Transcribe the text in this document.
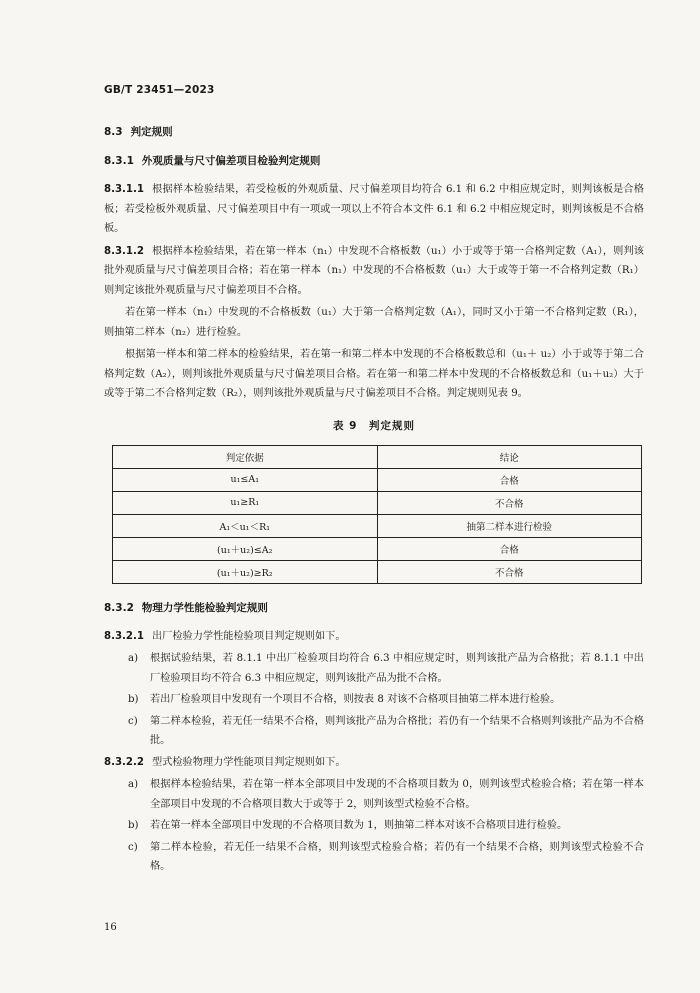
GB/T 23451—2023
8.3 判定规则
8.3.1 外观质量与尺寸偏差项目检验判定规则

8.3.1.1 根据样本检验结果，若受检板的外观质量、尺寸偏差项目均符合 6.1 和 6.2 中相应规定时，则判该板是合格板；若受检板外观质量、尺寸偏差项目中有一项或一项以上不符合本文件 6.1 和 6.2 中相应规定时，则判该板是不合格板。

8.3.1.2 根据样本检验结果，若在第一样本（n₁）中发现不合格板数（u₁）小于或等于第一合格判定数（A₁），则判该批外观质量与尺寸偏差项目合格；若在第一样本（n₁）中发现的不合格板数（u₁）大于或等于第一不合格判定数（R₁）则判定该批外观质量与尺寸偏差项目不合格。

若在第一样本（n₁）中发现的不合格板数（u₁）大于第一合格判定数（A₁），同时又小于第一不合格判定数（R₁），则抽第二样本（n₂）进行检验。

根据第一样本和第二样本的检验结果，若在第一和第二样本中发现的不合格板数总和（u₁＋ u₂）小于或等于第二合格判定数（A₂），则判该批外观质量与尺寸偏差项目合格。若在第一和第二样本中发现的不合格板数总和（u₁＋u₂）大于或等于第二不合格判定数（R₂），则判该批外观质量与尺寸偏差项目不合格。判定规则见表 9。

表 9　判定规则
判定依据	结论
u₁≤A₁	合格
u₁≥R₁	不合格
A₁＜u₁＜R₁	抽第二样本进行检验
(u₁＋u₂)≤A₂	合格
(u₁＋u₂)≥R₂	不合格
8.3.2 物理力学性能检验判定规则

8.3.2.1 出厂检验力学性能检验项目判定规则如下。

a)	根据试验结果，若 8.1.1 中出厂检验项目均符合 6.3 中相应规定时，则判该批产品为合格批；若 8.1.1 中出厂检验项目均不符合 6.3 中相应规定，则判该批产品为批不合格。
b)	若出厂检验项目中发现有一个项目不合格，则按表 8 对该不合格项目抽第二样本进行检验。
c)	第二样本检验，若无任一结果不合格，则判该批产品为合格批；若仍有一个结果不合格则判该批产品为不合格批。

8.3.2.2 型式检验物理力学性能项目判定规则如下。

a)	根据样本检验结果，若在第一样本全部项目中发现的不合格项目数为 0，则判该型式检验合格；若在第一样本全部项目中发现的不合格项目数大于或等于 2，则判该型式检验不合格。
b)	若在第一样本全部项目中发现的不合格项目数为 1，则抽第二样本对该不合格项目进行检验。
c)	第二样本检验，若无任一结果不合格，则判该型式检验合格；若仍有一个结果不合格，则判该型式检验不合格。
16
